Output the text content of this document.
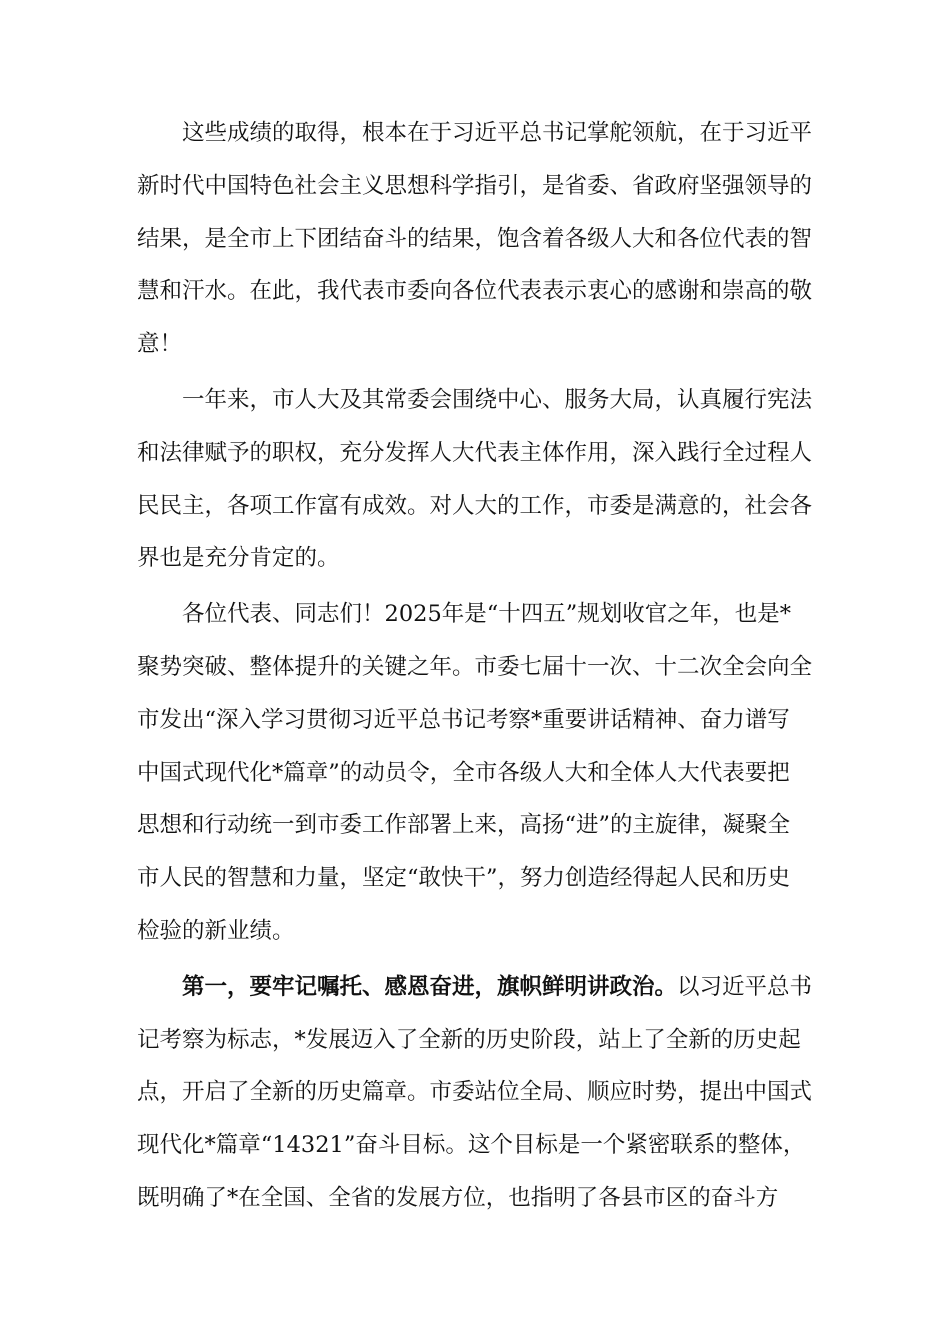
这些成绩的取得，根本在于习近平总书记掌舵领航，在于习近平
新时代中国特色社会主义思想科学指引，是省委、省政府坚强领导的
结果，是全市上下团结奋斗的结果，饱含着各级人大和各位代表的智
慧和汗水。在此，我代表市委向各位代表表示衷心的感谢和崇高的敬
意！
一年来，市人大及其常委会围绕中心、服务大局，认真履行宪法
和法律赋予的职权，充分发挥人大代表主体作用，深入践行全过程人
民民主，各项工作富有成效。对人大的工作，市委是满意的，社会各
界也是充分肯定的。
各位代表、同志们！2025年是“十四五”规划收官之年，也是*
聚势突破、整体提升的关键之年。市委七届十一次、十二次全会向全
市发出“深入学习贯彻习近平总书记考察*重要讲话精神、奋力谱写
中国式现代化*篇章”的动员令，全市各级人大和全体人大代表要把
思想和行动统一到市委工作部署上来，高扬“进”的主旋律，凝聚全
市人民的智慧和力量，坚定“敢快干”，努力创造经得起人民和历史
检验的新业绩。
第一，要牢记嘱托、感恩奋进，旗帜鲜明讲政治。以习近平总书
记考察为标志，*发展迈入了全新的历史阶段，站上了全新的历史起
点，开启了全新的历史篇章。市委站位全局、顺应时势，提出中国式
现代化*篇章“14321”奋斗目标。这个目标是一个紧密联系的整体，
既明确了*在全国、全省的发展方位，也指明了各县市区的奋斗方
